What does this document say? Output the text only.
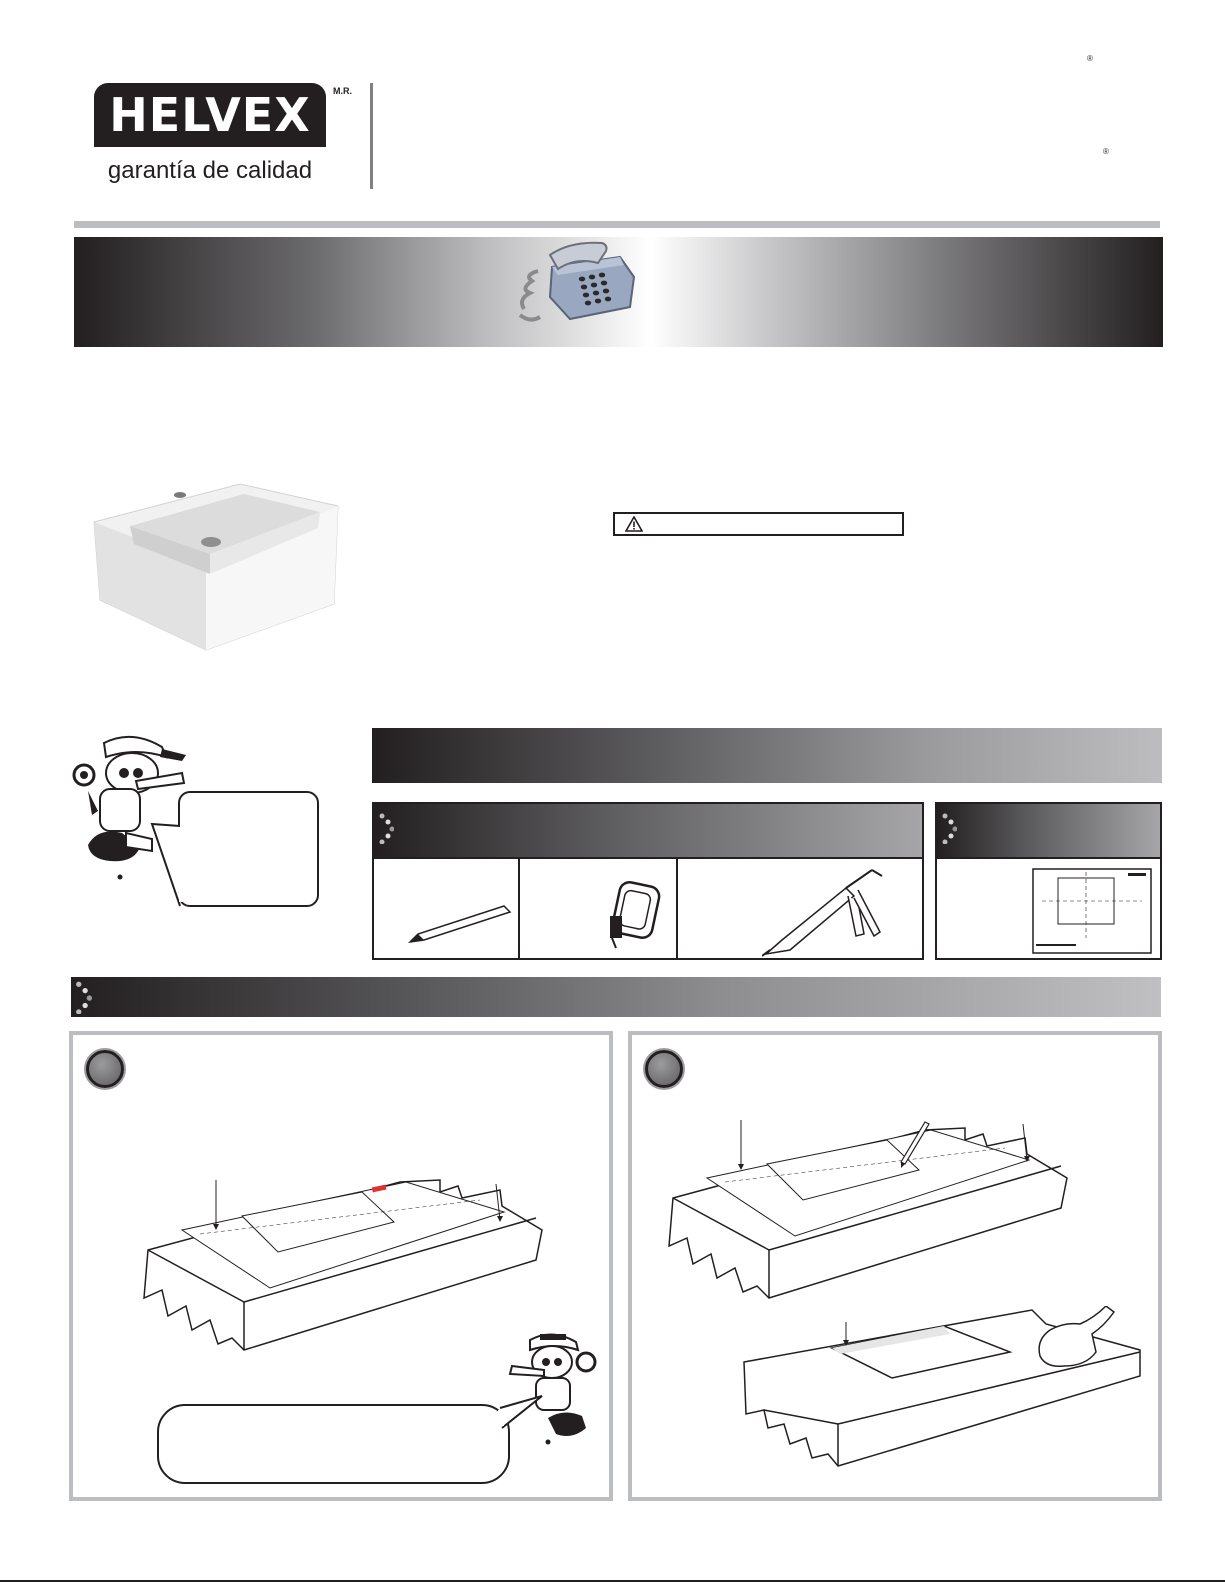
HELVEX	M.R.
garantía de calidad
®
®
